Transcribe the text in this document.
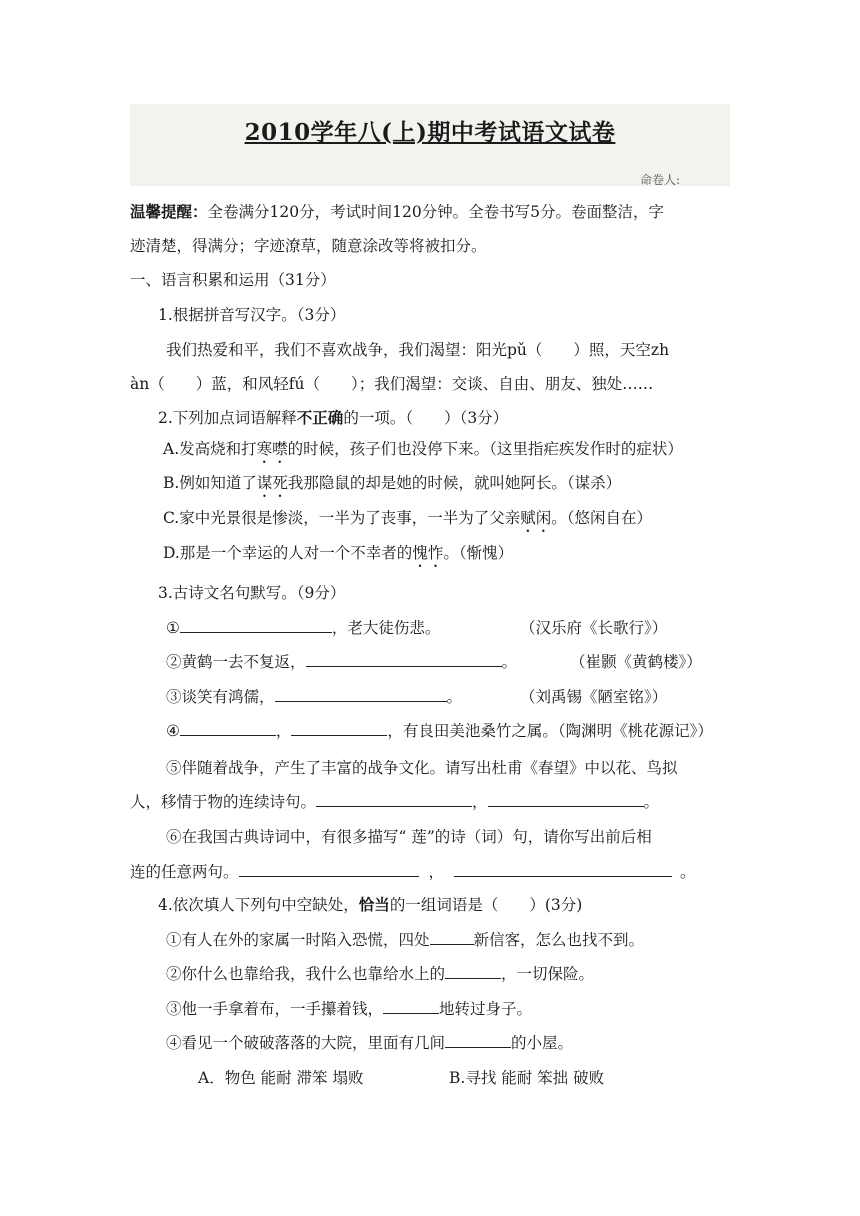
2010学年八(上)期中考试语文试卷
命卷人:
温馨提醒：全卷满分120分，考试时间120分钟。全卷书写5分。卷面整洁，字
迹清楚，得满分；字迹潦草，随意涂改等将被扣分。
一、语言积累和运用（31分）
1.根据拼音写汉字。（3分）
我们热爱和平，我们不喜欢战争，我们渴望：阳光pǔ（　　）照，天空zh
àn（　　）蓝，和风轻fú（　　）；我们渴望：交谈、自由、朋友、独处……
2.下列加点词语解释不正确的一项。（　　）（3分）
A.发高烧和打寒噤的时候，孩子们也没停下来。（这里指疟疾发作时的症状）
B.例如知道了谋死我那隐鼠的却是她的时候，就叫她阿长。（谋杀）
C.家中光景很是惨淡，一半为了丧事，一半为了父亲赋闲。（悠闲自在）
D.那是一个幸运的人对一个不幸者的愧怍。（惭愧）
3.古诗文名句默写。（9分）
①	，老大徒伤悲。	（汉乐府《长歌行》）
②黄鹤一去不复返，	。	（崔颢《黄鹤楼》）
③谈笑有鸿儒，	。	（刘禹锡《陋室铭》）
④	，	，有良田美池桑竹之属。（陶渊明《桃花源记》）
⑤伴随着战争，产生了丰富的战争文化。请写出杜甫《春望》中以花、鸟拟
人，移情于物的连续诗句。	，	。
⑥在我国古典诗词中，有很多描写“ 莲”的诗（词）句，请你写出前后相
连的任意两句。	，	。
4.依次填人下列句中空缺处，恰当的一组词语是（　　）(3分)
①有人在外的家属一时陷入恐慌，四处	新信客，怎么也找不到。
②你什么也靠给我，我什么也靠给水上的	，一切保险。
③他一手拿着布，一手攥着钱，	地转过身子。
④看见一个破破落落的大院，里面有几间	的小屋。
A．物色 能耐 滞笨 塌败	B.寻找 能耐 笨拙 破败
